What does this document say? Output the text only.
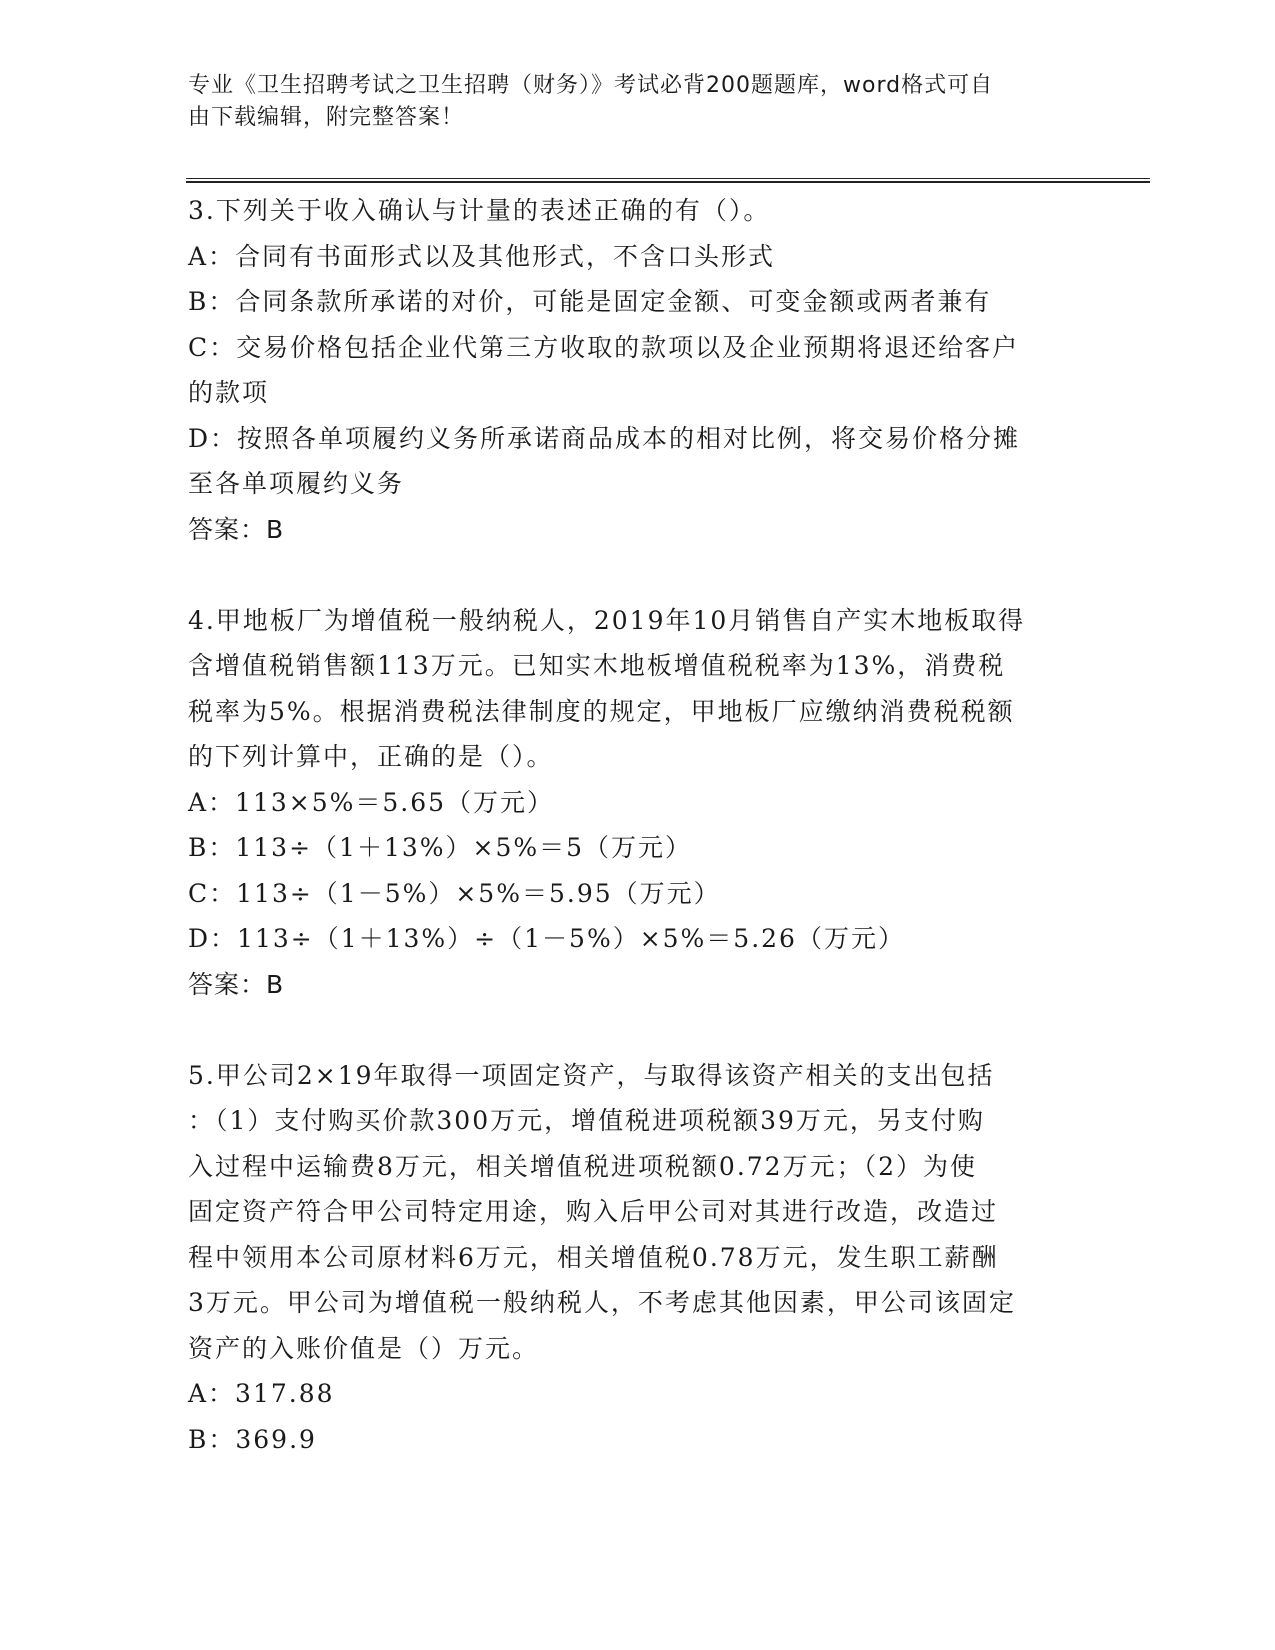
专业《卫生招聘考试之卫生招聘（财务）》考试必背200题题库，word格式可自
由下载编辑，附完整答案！
3.下列关于收入确认与计量的表述正确的有（）。
A：合同有书面形式以及其他形式，不含口头形式
B：合同条款所承诺的对价，可能是固定金额、可变金额或两者兼有
C：交易价格包括企业代第三方收取的款项以及企业预期将退还给客户
的款项
D：按照各单项履约义务所承诺商品成本的相对比例，将交易价格分摊
至各单项履约义务
答案：B
4.甲地板厂为增值税一般纳税人，2019年10月销售自产实木地板取得
含增值税销售额113万元。已知实木地板增值税税率为13%，消费税
税率为5%。根据消费税法律制度的规定，甲地板厂应缴纳消费税税额
的下列计算中，正确的是（）。
A：113×5%＝5.65（万元）
B：113÷（1＋13%）×5%＝5（万元）
C：113÷（1－5%）×5%＝5.95（万元）
D：113÷（1＋13%）÷（1－5%）×5%＝5.26（万元）
答案：B
5.甲公司2×19年取得一项固定资产，与取得该资产相关的支出包括
：（1）支付购买价款300万元，增值税进项税额39万元，另支付购
入过程中运输费8万元，相关增值税进项税额0.72万元；（2）为使
固定资产符合甲公司特定用途，购入后甲公司对其进行改造，改造过
程中领用本公司原材料6万元，相关增值税0.78万元，发生职工薪酬
3万元。甲公司为增值税一般纳税人，不考虑其他因素，甲公司该固定
资产的入账价值是（）万元。
A：317.88
B：369.9
